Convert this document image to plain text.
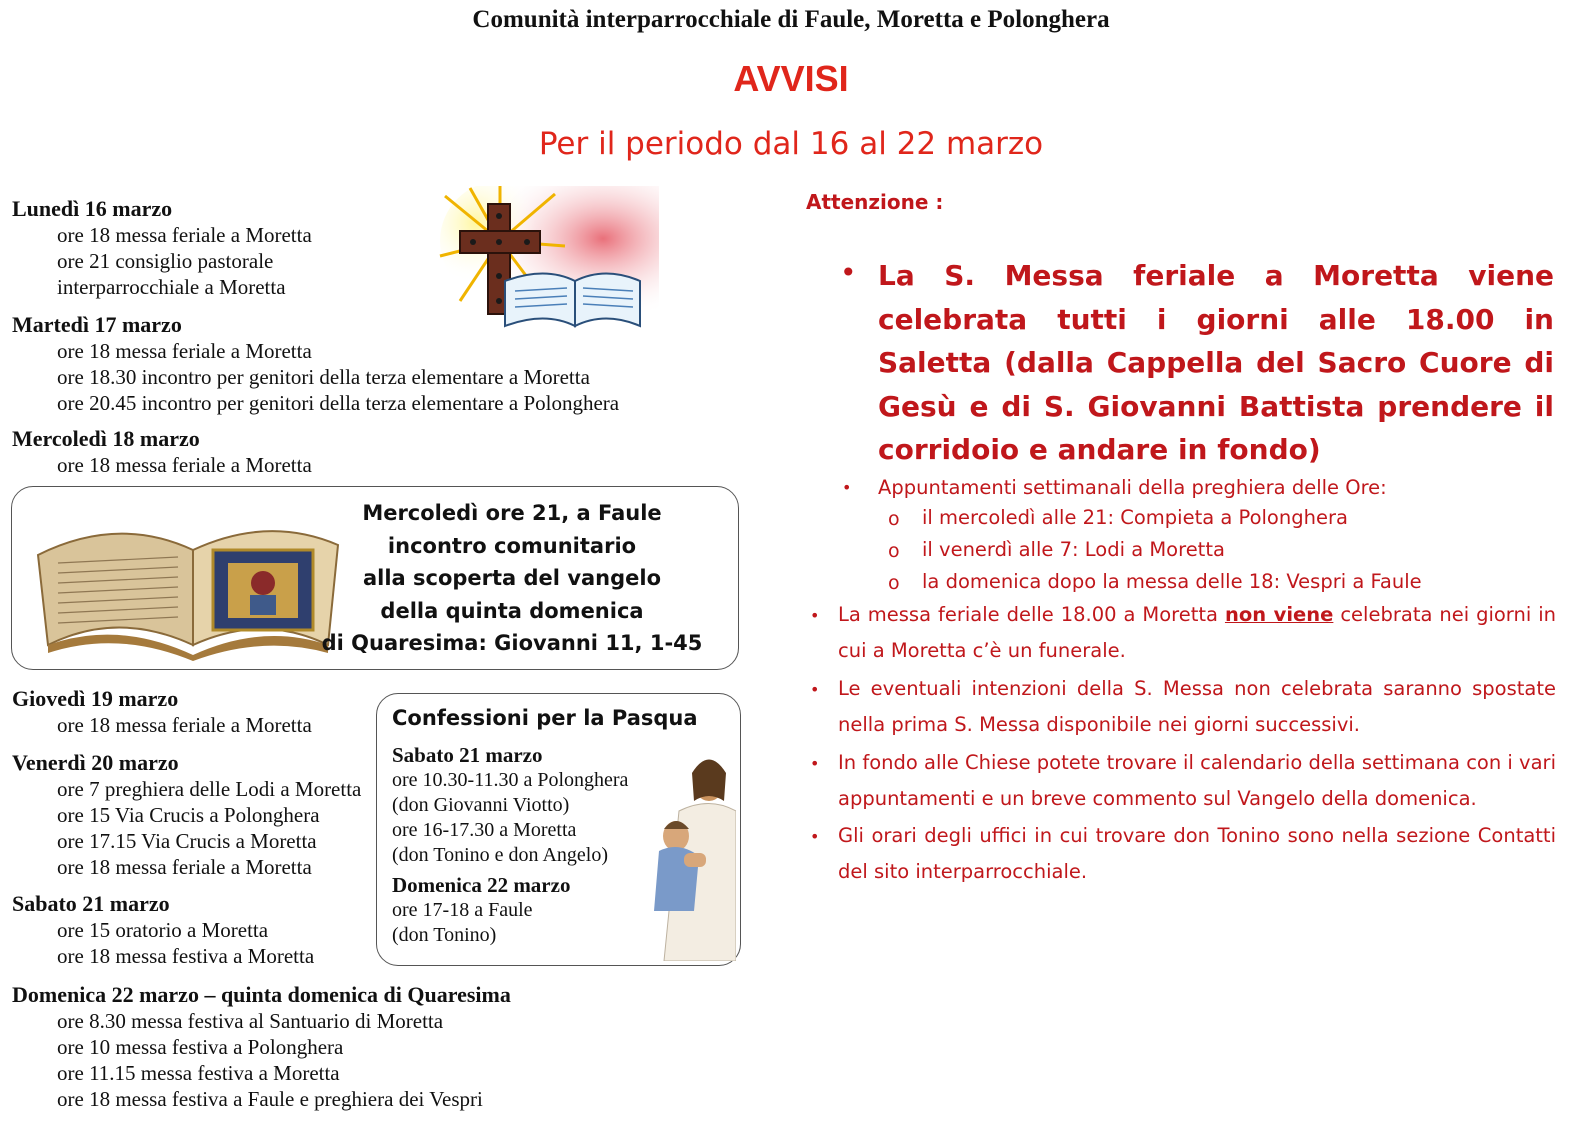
Comunità interparrocchiale di Faule, Moretta e Polonghera
AVVISI
Per il periodo dal 16 al 22 marzo
Lunedì 16 marzo
ore 18 messa feriale a Moretta
ore 21 consiglio pastorale
interparrocchiale a Moretta
Martedì 17 marzo
ore 18 messa feriale a Moretta
ore 18.30 incontro per genitori della terza elementare a Moretta
ore 20.45 incontro per genitori della terza elementare a Polonghera
Mercoledì 18 marzo
ore 18 messa feriale a Moretta
Mercoledì ore 21, a Faule
incontro comunitario
alla scoperta del vangelo
della quinta domenica
di Quaresima: Giovanni 11, 1-45
Giovedì 19 marzo
ore 18 messa feriale a Moretta
Venerdì 20 marzo
ore 7 preghiera delle Lodi a Moretta
ore 15 Via Crucis a Polonghera
ore 17.15 Via Crucis a Moretta
ore 18 messa feriale a Moretta
Sabato 21 marzo
ore 15 oratorio a Moretta
ore 18 messa festiva a Moretta
Confessioni per la Pasqua
Sabato 21 marzo
ore 10.30-11.30 a Polonghera
(don Giovanni Viotto)
ore 16-17.30 a Moretta
(don Tonino e don Angelo)
Domenica 22 marzo
ore 17-18 a Faule
(don Tonino)
Domenica 22 marzo – quinta domenica di Quaresima
ore 8.30 messa festiva al Santuario di Moretta
ore 10 messa festiva a Polonghera
ore 11.15 messa festiva a Moretta
ore 18 messa festiva a Faule e preghiera dei Vespri
Attenzione :
• La S. Messa feriale a Moretta viene celebrata tutti i giorni alle 18.00 in Saletta (dalla Cappella del Sacro Cuore di Gesù e di S. Giovanni Battista prendere il corridoio e andare in fondo)
• Appuntamenti settimanali della preghiera delle Ore:
o il mercoledì alle 21: Compieta a Polonghera
o il venerdì alle 7: Lodi a Moretta
o la domenica dopo la messa delle 18: Vespri a Faule
• La messa feriale delle 18.00 a Moretta non viene celebrata nei giorni in cui a Moretta c’è un funerale.
• Le eventuali intenzioni della S. Messa non celebrata saranno spostate nella prima S. Messa disponibile nei giorni successivi.
• In fondo alle Chiese potete trovare il calendario della settimana con i vari appuntamenti e un breve commento sul Vangelo della domenica.
• Gli orari degli uffici in cui trovare don Tonino sono nella sezione Contatti del sito interparrocchiale.
